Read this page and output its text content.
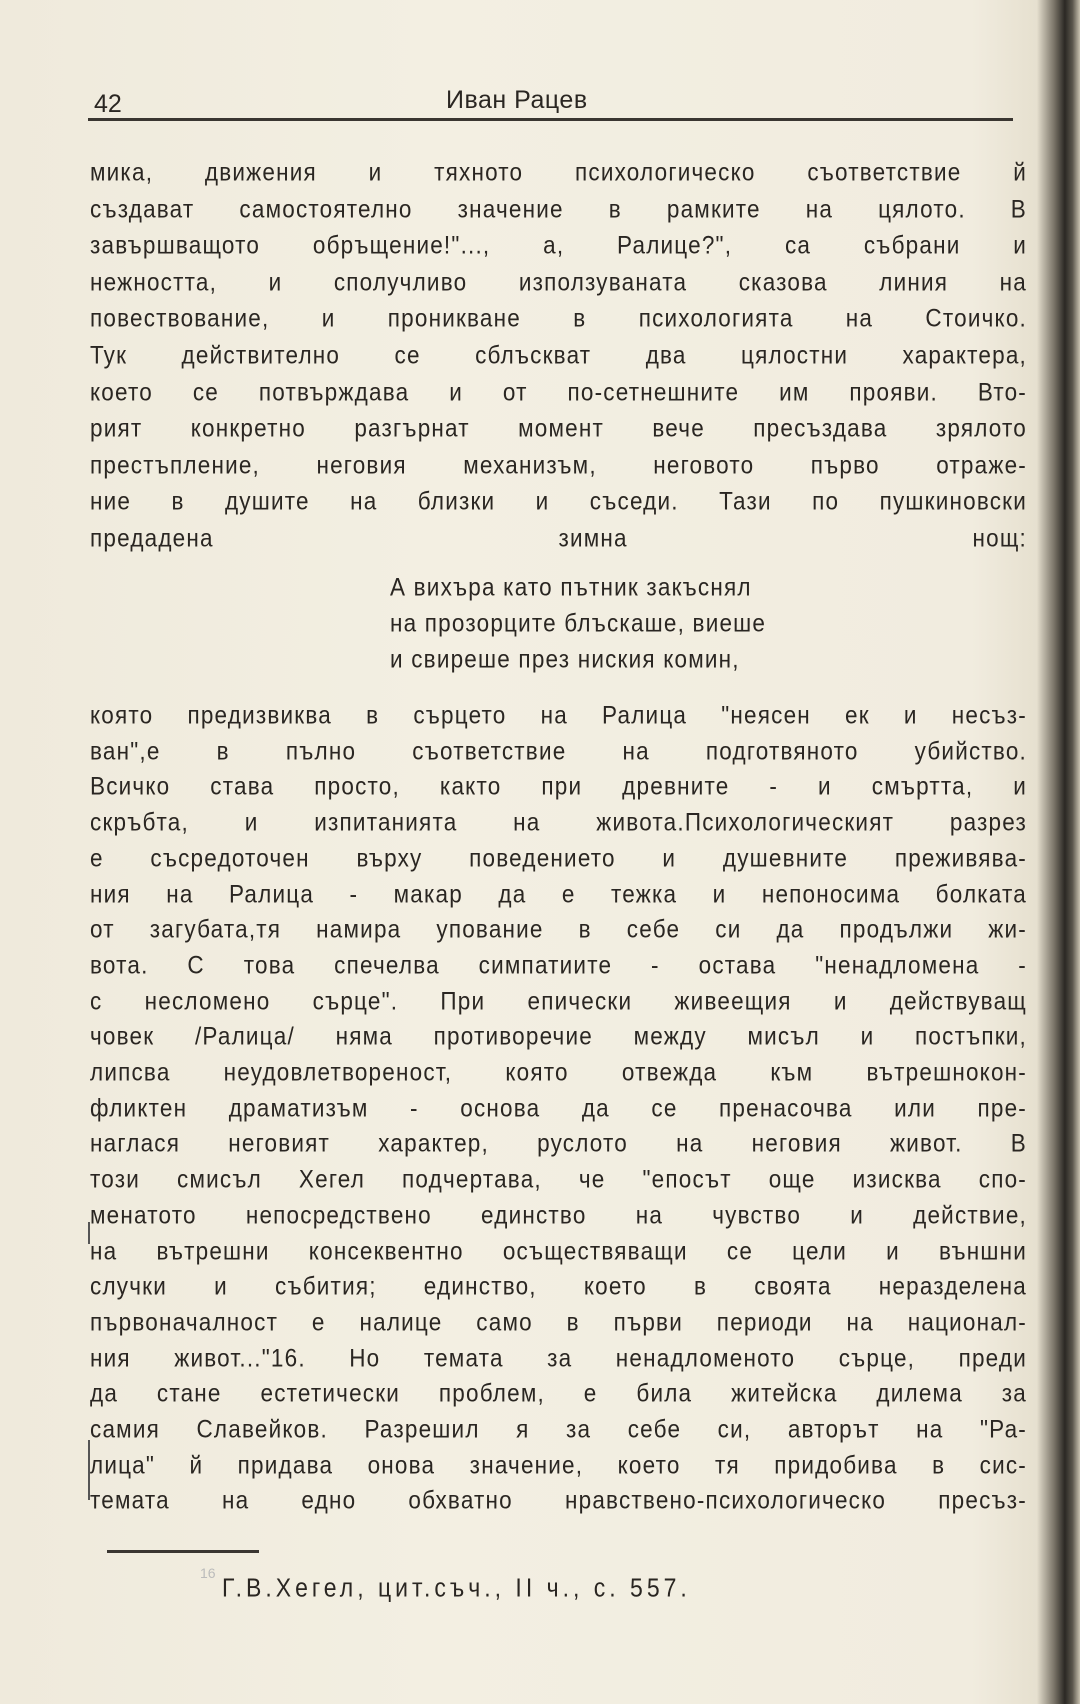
42	Иван Рацев
мика, движения и тяхното психологическо съответствие й
създават самостоятелно значение в рамките на цялото. В
завършващото обръщение!"..., а, Ралице?", са събрани и
нежността, и сполучливо използуваната сказова линия на
повествование, и проникване в психологията на Стоичко.
Тук действително се сблъскват два цялостни характера,
което се потвърждава и от по-сетнешните им прояви. Вто-
рият конкретно разгърнат момент вече пресъздава зрялото
престъпление, неговия механизъм, неговото първо отраже-
ние в душите на близки и съседи. Тази по пушкиновски
предадена зимна нощ:
А вихъра като пътник закъснял
на прозорците блъскаше, виеше
и свиреше през ниския комин,
която предизвиква в сърцето на Ралица "неясен ек и несъз-
ван",е в пълно съответствие на подготвяното убийство.
Всичко става просто, както при древните - и смъртта, и
скръбта, и изпитанията на живота.Психологическият разрез
е съсредоточен върху поведението и душевните преживява-
ния на Ралица - макар да е тежка и непоносима болката
от загубата,тя намира упование в себе си да продължи жи-
вота. С това спечелва симпатиите - остава "ненадломена -
с несломено сърце". При епически живеещия и действуващ
човек /Ралица/ няма противоречие между мисъл и постъпки,
липсва неудовлетвореност, която отвежда към вътрешнокон-
фликтен драматизъм - основа да се пренасочва или пре-
наглася неговият характер, руслото на неговия живот. В
този смисъл Хегел подчертава, че "епосът още изисква спо-
менатото непосредствено единство на чувство и действие,
на вътрешни консеквентно осъществяващи се цели и външни
случки и събития; единство, което в своята неразделена
първоначалност е налице само в първи периоди на национал-
ния живот..."16. Но темата за ненадломеното сърце, преди
да стане естетически проблем, е била житейска дилема за
самия Славейков. Разрешил я за себе си, авторът на "Ра-
лица" й придава онова значение, което тя придобива в сис-
темата на едно обхватно нравствено-психологическо пресъз-
16 Г.В.Хегел, цит.съч., II ч., с. 557.
